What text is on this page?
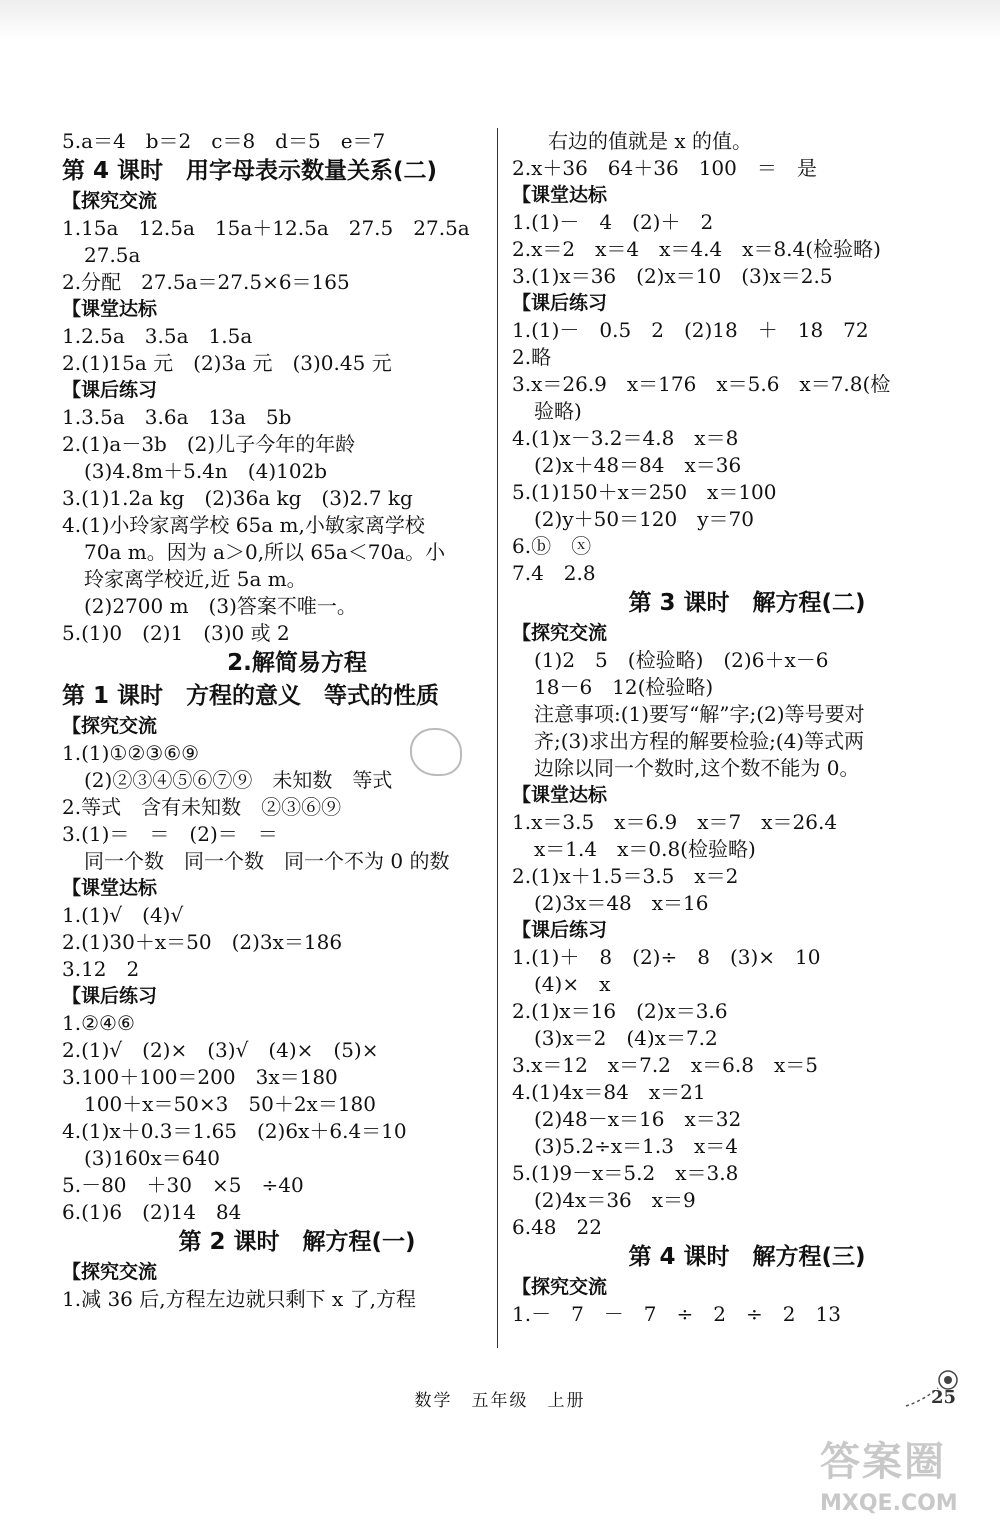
5.a＝4　b＝2　c＝8　d＝5　e＝7
第 4 课时　用字母表示数量关系(二)
【探究交流
1.15a　12.5a　15a＋12.5a　27.5　27.5a
27.5a
2.分配　27.5a＝27.5×6＝165
【课堂达标
1.2.5a　3.5a　1.5a
2.(1)15a 元　(2)3a 元　(3)0.45 元
【课后练习
1.3.5a　3.6a　13a　5b
2.(1)a－3b　(2)儿子今年的年龄
(3)4.8m＋5.4n　(4)102b
3.(1)1.2a kg　(2)36a kg　(3)2.7 kg
4.(1)小玲家离学校 65a m,小敏家离学校
70a m。因为 a＞0,所以 65a＜70a。小
玲家离学校近,近 5a m。
(2)2700 m　(3)答案不唯一。
5.(1)0　(2)1　(3)0 或 2
2.解简易方程
第 1 课时　方程的意义　等式的性质
【探究交流
1.(1)①②③⑥⑨
(2)②③④⑤⑥⑦⑨　未知数　等式
2.等式　含有未知数　②③⑥⑨
3.(1)＝　＝　(2)＝　＝
同一个数　同一个数　同一个不为 0 的数
【课堂达标
1.(1)√　(4)√
2.(1)30＋x＝50　(2)3x＝186
3.12　2
【课后练习
1.②④⑥
2.(1)√　(2)×　(3)√　(4)×　(5)×
3.100＋100＝200　3x＝180
100＋x＝50×3　50＋2x＝180
4.(1)x＋0.3＝1.65　(2)6x＋6.4＝10
(3)160x＝640
5.－80　＋30　×5　÷40
6.(1)6　(2)14　84
第 2 课时　解方程(一)
【探究交流
1.减 36 后,方程左边就只剩下 x 了,方程
右边的值就是 x 的值。
2.x＋36　64＋36　100　＝　是
【课堂达标
1.(1)－　4　(2)＋　2
2.x＝2　x＝4　x＝4.4　x＝8.4(检验略)
3.(1)x＝36　(2)x＝10　(3)x＝2.5
【课后练习
1.(1)－　0.5　2　(2)18　＋　18　72
2.略
3.x＝26.9　x＝176　x＝5.6　x＝7.8(检
验略)
4.(1)x－3.2＝4.8　x＝8
(2)x＋48＝84　x＝36
5.(1)150＋x＝250　x＝100
(2)y＋50＝120　y＝70
6.ⓑ　ⓧ
7.4　2.8
第 3 课时　解方程(二)
【探究交流
(1)2　5　(检验略)　(2)6＋x－6
18－6　12(检验略)
注意事项:(1)要写“解”字;(2)等号要对
齐;(3)求出方程的解要检验;(4)等式两
边除以同一个数时,这个数不能为 0。
【课堂达标
1.x＝3.5　x＝6.9　x＝7　x＝26.4
x＝1.4　x＝0.8(检验略)
2.(1)x＋1.5＝3.5　x＝2
(2)3x＝48　x＝16
【课后练习
1.(1)＋　8　(2)÷　8　(3)×　10
(4)×　x
2.(1)x＝16　(2)x＝3.6
(3)x＝2　(4)x＝7.2
3.x＝12　x＝7.2　x＝6.8　x＝5
4.(1)4x＝84　x＝21
(2)48－x＝16　x＝32
(3)5.2÷x＝1.3　x＝4
5.(1)9－x＝5.2　x＝3.8
(2)4x＝36　x＝9
6.48　22
第 4 课时　解方程(三)
【探究交流
1.－　7　－　7　÷　2　÷　2　13
数学　五年级　上册	25
答案圈
MXQE.COM
